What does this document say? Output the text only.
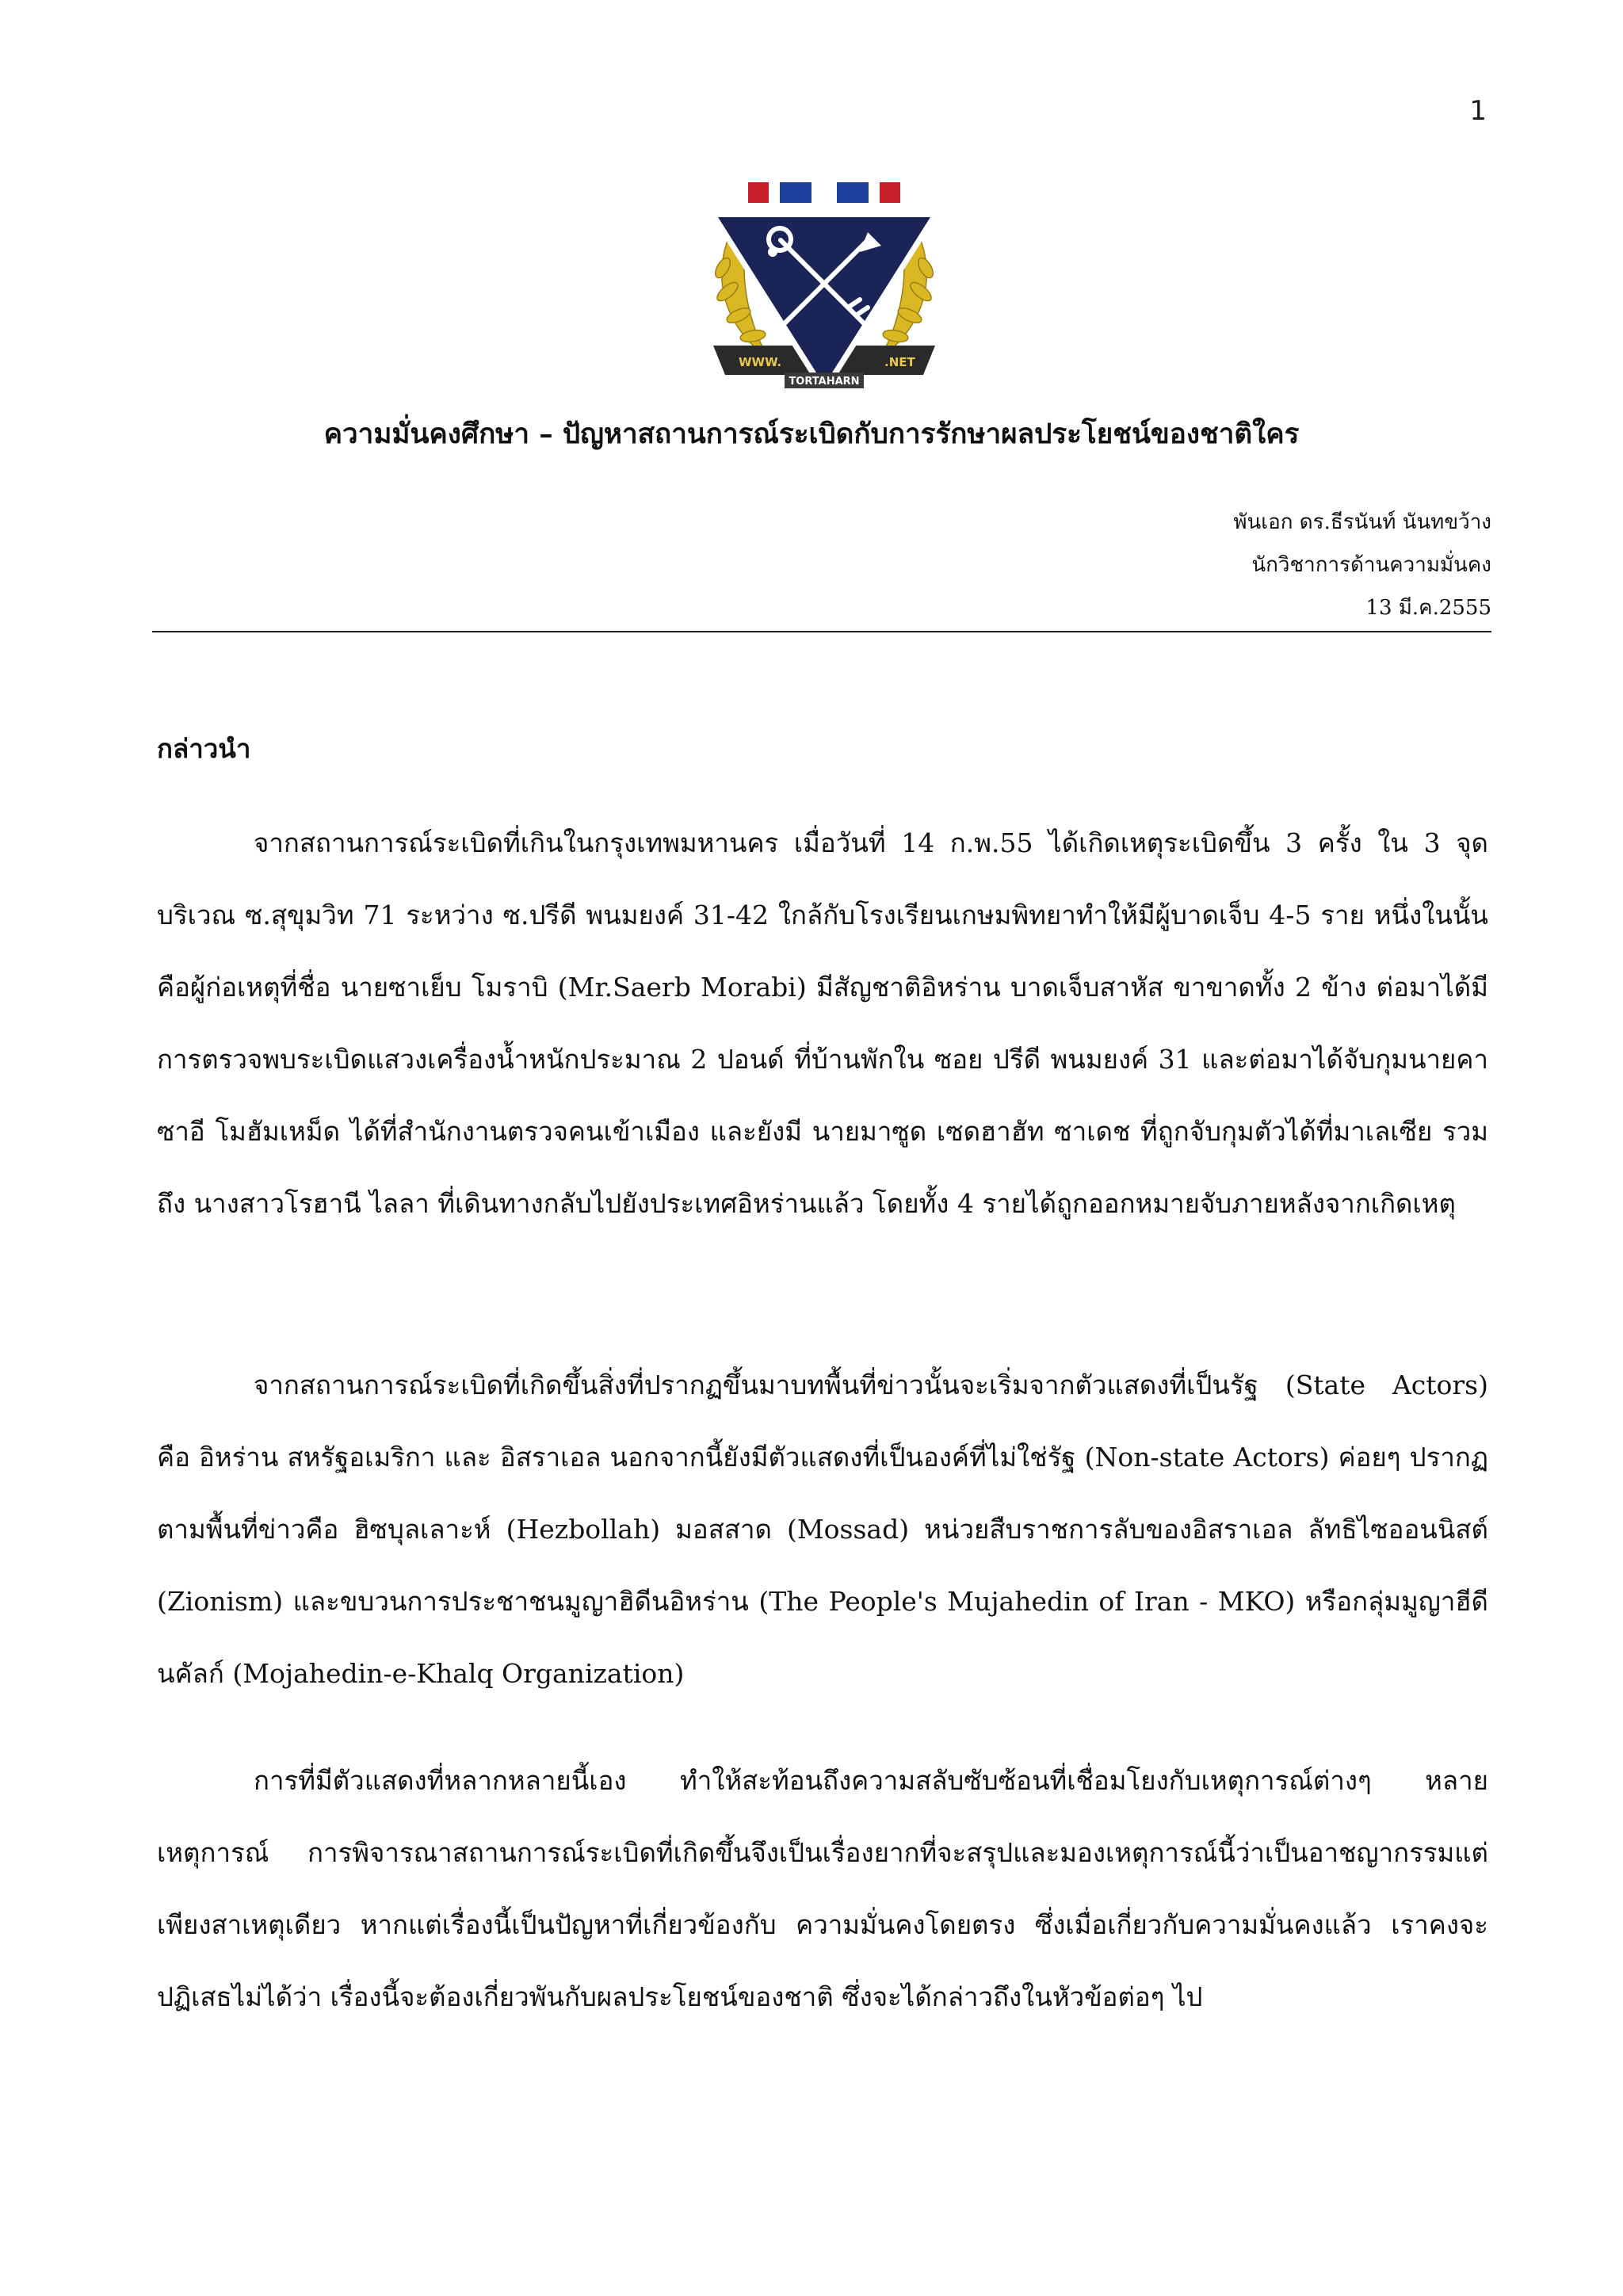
1
WWW.	.NET
TORTAHARN
ความมั่นคงศึกษา – ปัญหาสถานการณ์ระเบิดกับการรักษาผลประโยชน์ของชาติใคร
พันเอก ดร.ธีรนันท์ นันทขว้าง
นักวิชาการด้านความมั่นคง
13 มี.ค.2555
กล่าวนำ

จากสถานการณ์ระเบิดที่เกินในกรุงเทพมหานคร เมื่อวันที่ 14 ก.พ.55 ได้เกิดเหตุระเบิดขึ้น 3 ครั้ง ใน 3 จุด บริเวณ ซ.สุขุมวิท 71 ระหว่าง ซ.ปรีดี พนมยงค์ 31-42 ใกล้กับโรงเรียนเกษมพิทยาทำให้มีผู้บาดเจ็บ 4-5 ราย หนึ่งในนั้นคือผู้ก่อเหตุที่ชื่อ นายซาเย็บ โมราบิ (Mr.Saerb Morabi) มีสัญชาติอิหร่าน บาดเจ็บสาหัส ขาขาดทั้ง 2 ข้าง ต่อมาได้มีการตรวจพบระเบิดแสวงเครื่องน้ำหนักประมาณ 2 ปอนด์ ที่บ้านพักใน ซอย ปรีดี พนมยงค์ 31 และต่อมาได้จับกุมนายคาซาอี โมฮัมเหม็ด ได้ที่สำนักงานตรวจคนเข้าเมือง และยังมี นายมาซูด เซดฮาฮัท ซาเดช ที่ถูกจับกุมตัวได้ที่มาเลเซีย รวมถึง นางสาวโรฮานี ไลลา ที่เดินทางกลับไปยังประเทศอิหร่านแล้ว โดยทั้ง 4 รายได้ถูกออกหมายจับภายหลังจากเกิดเหตุ

จากสถานการณ์ระเบิดที่เกิดขึ้นสิ่งที่ปรากฏขึ้นมาบทพื้นที่ข่าวนั้นจะเริ่มจากตัวแสดงที่เป็นรัฐ (State Actors) คือ อิหร่าน สหรัฐอเมริกา และ อิสราเอล นอกจากนี้ยังมีตัวแสดงที่เป็นองค์ที่ไม่ใช่รัฐ (Non-state Actors) ค่อยๆ ปรากฏตามพื้นที่ข่าวคือ ฮิซบุลเลาะห์ (Hezbollah) มอสสาด (Mossad) หน่วยสืบราชการลับของอิสราเอล ลัทธิไซออนนิสต์ (Zionism) และขบวนการประชาชนมูญาฮิดีนอิหร่าน (The People's Mujahedin of Iran - MKO) หรือกลุ่มมูญาฮีดีนคัลก์ (Mojahedin-e-Khalq Organization)

การที่มีตัวแสดงที่หลากหลายนี้เอง ทำให้สะท้อนถึงความสลับซับซ้อนที่เชื่อมโยงกับเหตุการณ์ต่างๆ หลายเหตุการณ์ การพิจารณาสถานการณ์ระเบิดที่เกิดขึ้นจึงเป็นเรื่องยากที่จะสรุปและมองเหตุการณ์นี้ว่าเป็นอาชญากรรมแต่เพียงสาเหตุเดียว หากแต่เรื่องนี้เป็นปัญหาที่เกี่ยวข้องกับ ความมั่นคงโดยตรง ซึ่งเมื่อเกี่ยวกับความมั่นคงแล้ว เราคงจะปฏิเสธไม่ได้ว่า เรื่องนี้จะต้องเกี่ยวพันกับผลประโยชน์ของชาติ ซึ่งจะได้กล่าวถึงในหัวข้อต่อๆ ไป
